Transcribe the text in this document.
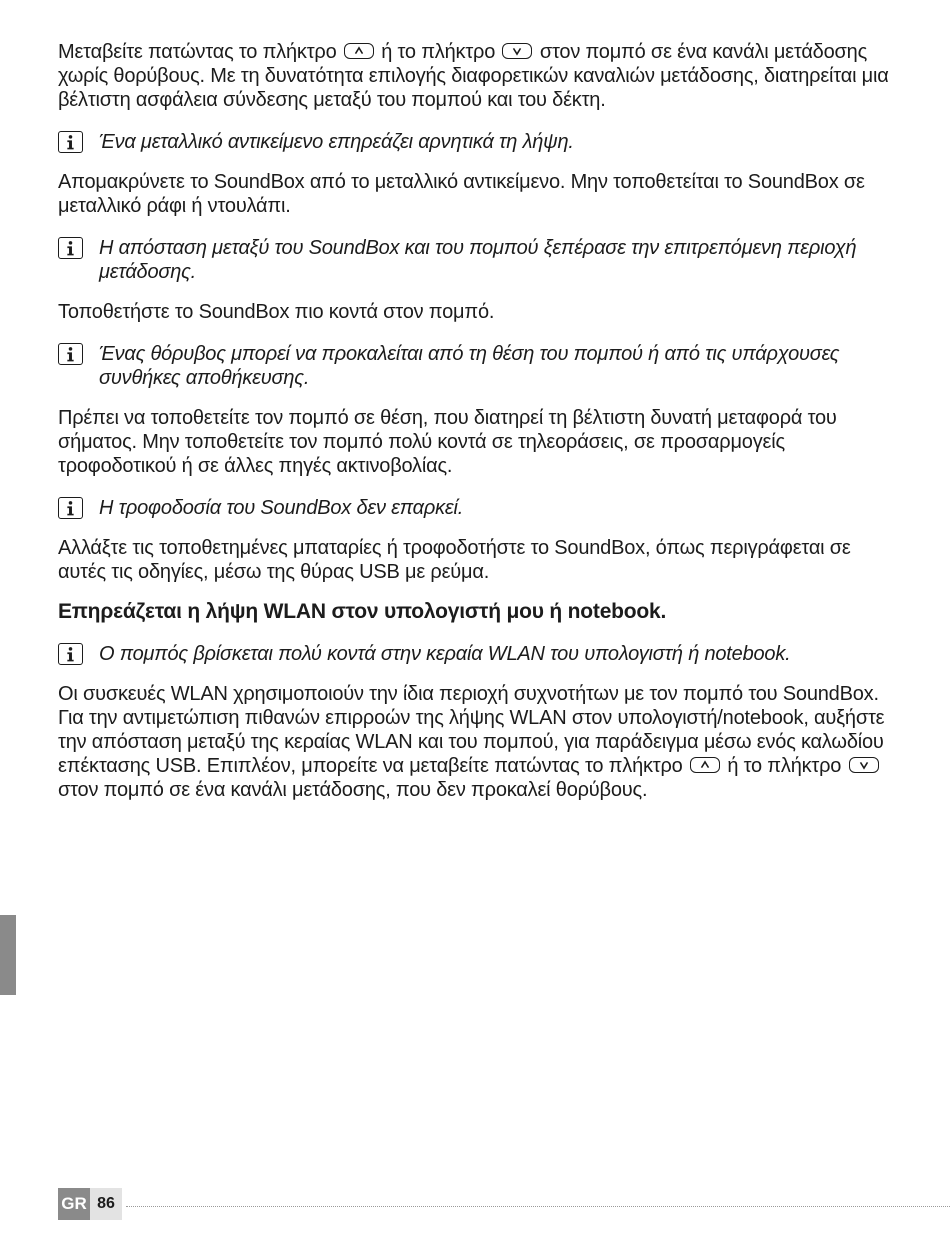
Μεταβείτε πατώντας το πλήκτρο ή το πλήκτρο στον πομπό σε ένα κανάλι μετάδοσης χωρίς θορύβους. Με τη δυνατότητα επιλογής διαφορετικών καναλιών μετάδοσης, διατηρείται μια βέλτιστη ασφάλεια σύνδεσης μεταξύ του πομπού και του δέκτη.

Ένα μεταλλικό αντικείμενο επηρεάζει αρνητικά τη λήψη.

Απομακρύνετε το SoundBox από το μεταλλικό αντικείμενο. Μην τοποθετείται το SoundBox σε μεταλλικό ράφι ή ντουλάπι.

Η απόσταση μεταξύ του SoundBox και του πομπού ξεπέρασε την επιτρεπόμενη περιοχή μετάδοσης.

Τοποθετήστε το SoundBox πιο κοντά στον πομπό.

Ένας θόρυβος μπορεί να προκαλείται από τη θέση του πομπού ή από τις υπάρχουσες συνθήκες αποθήκευσης.

Πρέπει να τοποθετείτε τον πομπό σε θέση, που διατηρεί τη βέλτιστη δυνατή μεταφορά του σήματος. Μην τοποθετείτε τον πομπό πολύ κοντά σε τηλεοράσεις, σε προσαρμογείς τροφοδοτικού ή σε άλλες πηγές ακτινοβολίας.

Η τροφοδοσία του SoundBox δεν επαρκεί.

Αλλάξτε τις τοποθετημένες μπαταρίες ή τροφοδοτήστε το SoundBox, όπως περιγράφεται σε αυτές τις οδηγίες, μέσω της θύρας USB με ρεύμα.

Επηρεάζεται η λήψη WLAN στον υπολογιστή μου ή notebook.

Ο πομπός βρίσκεται πολύ κοντά στην κεραία WLAN του υπολογιστή ή notebook.

Οι συσκευές WLAN χρησιμοποιούν την ίδια περιοχή συχνοτήτων με τον πομπό του SoundBox. Για την αντιμετώπιση πιθανών επιρροών της λήψης WLAN στον υπολογιστή/notebook, αυξήστε την απόσταση μεταξύ της κεραίας WLAN και του πομπού, για παράδειγμα μέσω ενός καλωδίου επέκτασης USB. Επιπλέον, μπορείτε να μεταβείτε πατώντας το πλήκτρο ή το πλήκτρο
στον πομπό σε ένα κανάλι μετάδοσης, που δεν προκαλεί θορύβους.

GR 86
